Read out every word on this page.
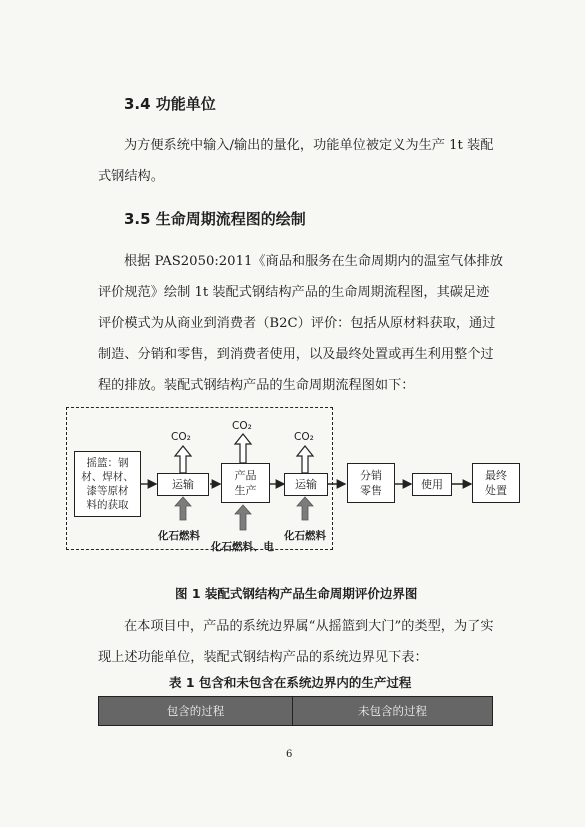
3.4 功能单位
为方便系统中输入/输出的量化，功能单位被定义为生产 1t 装配
式钢结构。
3.5 生命周期流程图的绘制
根据 PAS2050:2011《商品和服务在生命周期内的温室气体排放
评价规范》绘制 1t 装配式钢结构产品的生命周期流程图，其碳足迹
评价模式为从商业到消费者（B2C）评价：包括从原材料获取，通过
制造、分销和零售，到消费者使用，以及最终处置或再生利用整个过
程的排放。装配式钢结构产品的生命周期流程图如下：
CO₂
CO₂
CO₂
摇篮：钢
材、焊材、
漆等原材
料的获取
运输
产品
生产	运输
分销
零售	使用
最终
处置
化石燃料
化石燃料、电
化石燃料
图 1 装配式钢结构产品生命周期评价边界图
在本项目中，产品的系统边界属“从摇篮到大门”的类型，为了实
现上述功能单位，装配式钢结构产品的系统边界见下表：
表 1 包含和未包含在系统边界内的生产过程
包含的过程	未包含的过程
6
